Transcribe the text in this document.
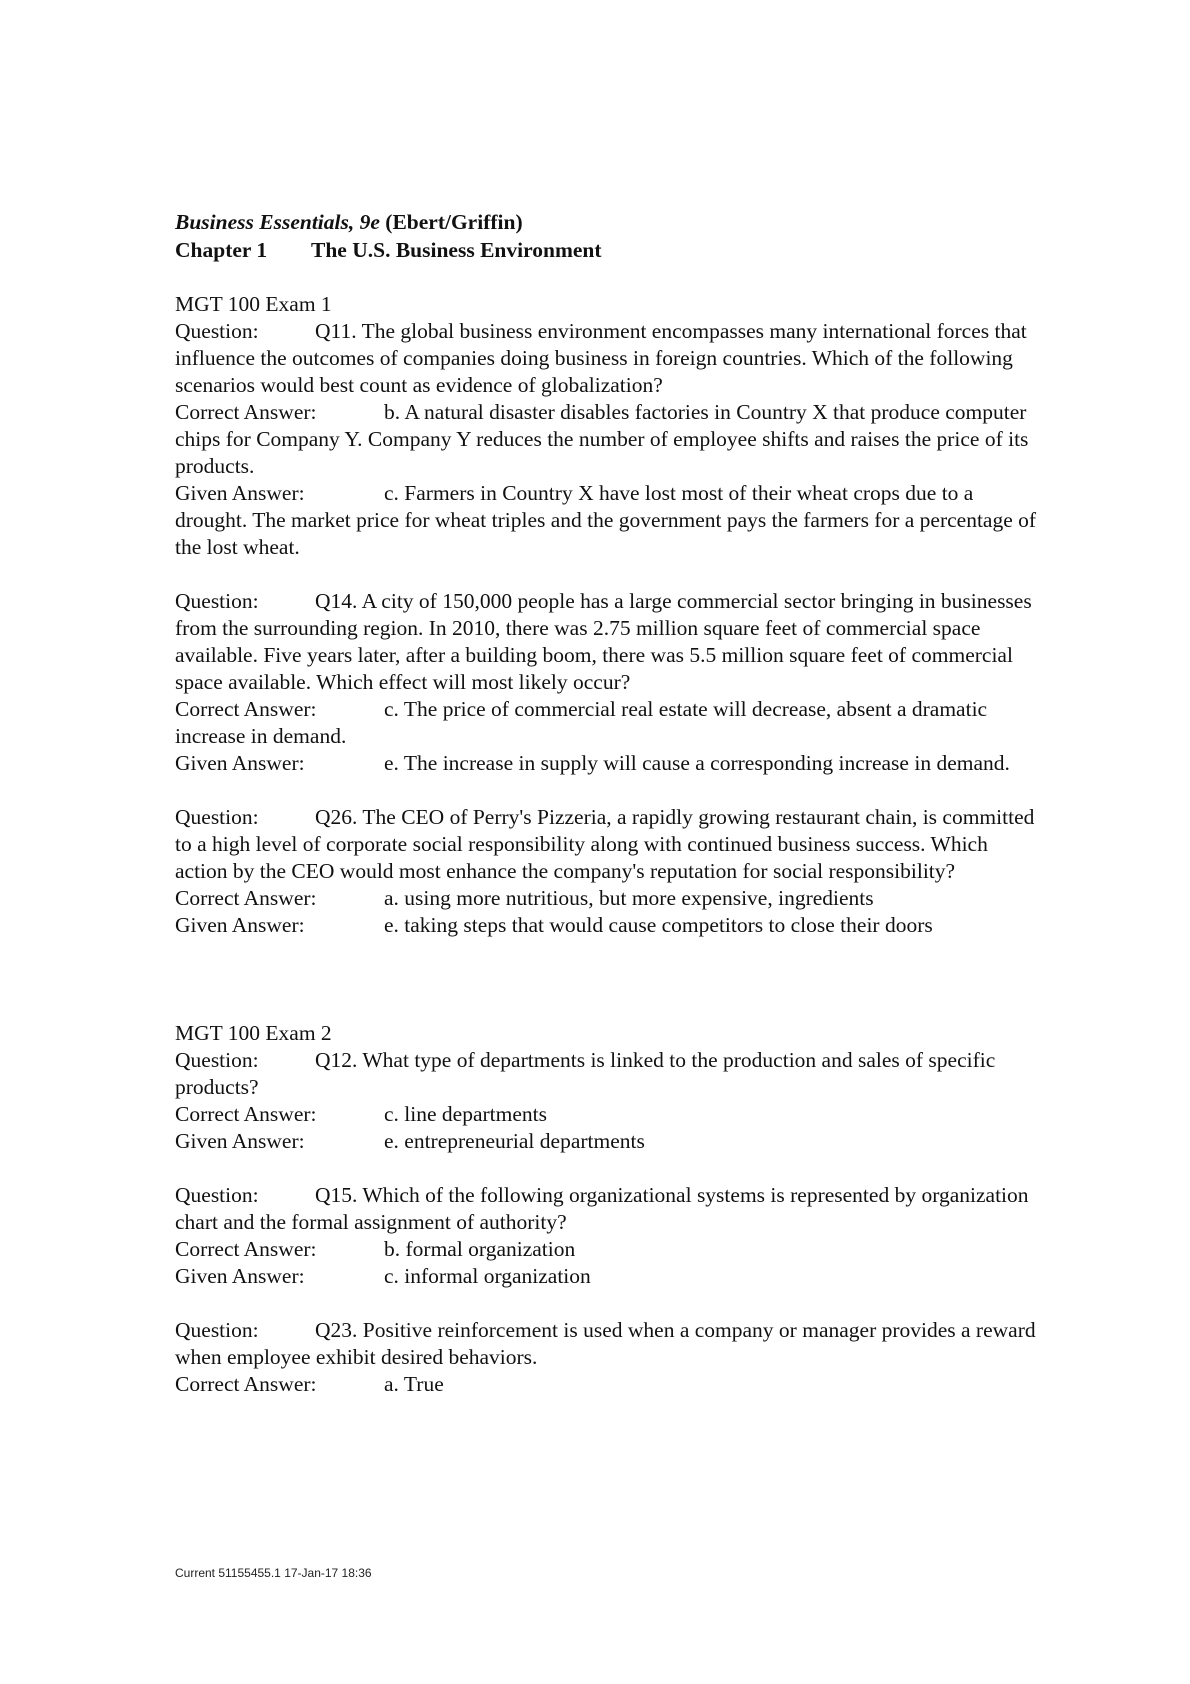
Business Essentials, 9e (Ebert/Griffin)
Chapter 1 The U.S. Business Environment
MGT 100 Exam 1
Question:	Q11. The global business environment encompasses many international forces that influence the outcomes of companies doing business in foreign countries. Which of the following scenarios would best count as evidence of globalization?
Correct Answer:	b. A natural disaster disables factories in Country X that produce computer chips for Company Y. Company Y reduces the number of employee shifts and raises the price of its products.
Given Answer:	c. Farmers in Country X have lost most of their wheat crops due to a drought. The market price for wheat triples and the government pays the farmers for a percentage of the lost wheat.
Question:	Q14. A city of 150,000 people has a large commercial sector bringing in businesses from the surrounding region. In 2010, there was 2.75 million square feet of commercial space available. Five years later, after a building boom, there was 5.5 million square feet of commercial space available. Which effect will most likely occur?
Correct Answer:	c. The price of commercial real estate will decrease, absent a dramatic increase in demand.
Given Answer:	e. The increase in supply will cause a corresponding increase in demand.
Question:	Q26. The CEO of Perry's Pizzeria, a rapidly growing restaurant chain, is committed to a high level of corporate social responsibility along with continued business success. Which action by the CEO would most enhance the company's reputation for social responsibility?
Correct Answer:	a. using more nutritious, but more expensive, ingredients
Given Answer:	e. taking steps that would cause competitors to close their doors
MGT 100 Exam 2
Question:	Q12. What type of departments is linked to the production and sales of specific products?
Correct Answer:	c. line departments
Given Answer:	e. entrepreneurial departments
Question:	Q15. Which of the following organizational systems is represented by organization chart and the formal assignment of authority?
Correct Answer:	b. formal organization
Given Answer:	c. informal organization
Question:	Q23. Positive reinforcement is used when a company or manager provides a reward when employee exhibit desired behaviors.
Correct Answer:	a. True
Current 51155455.1 17-Jan-17 18:36
